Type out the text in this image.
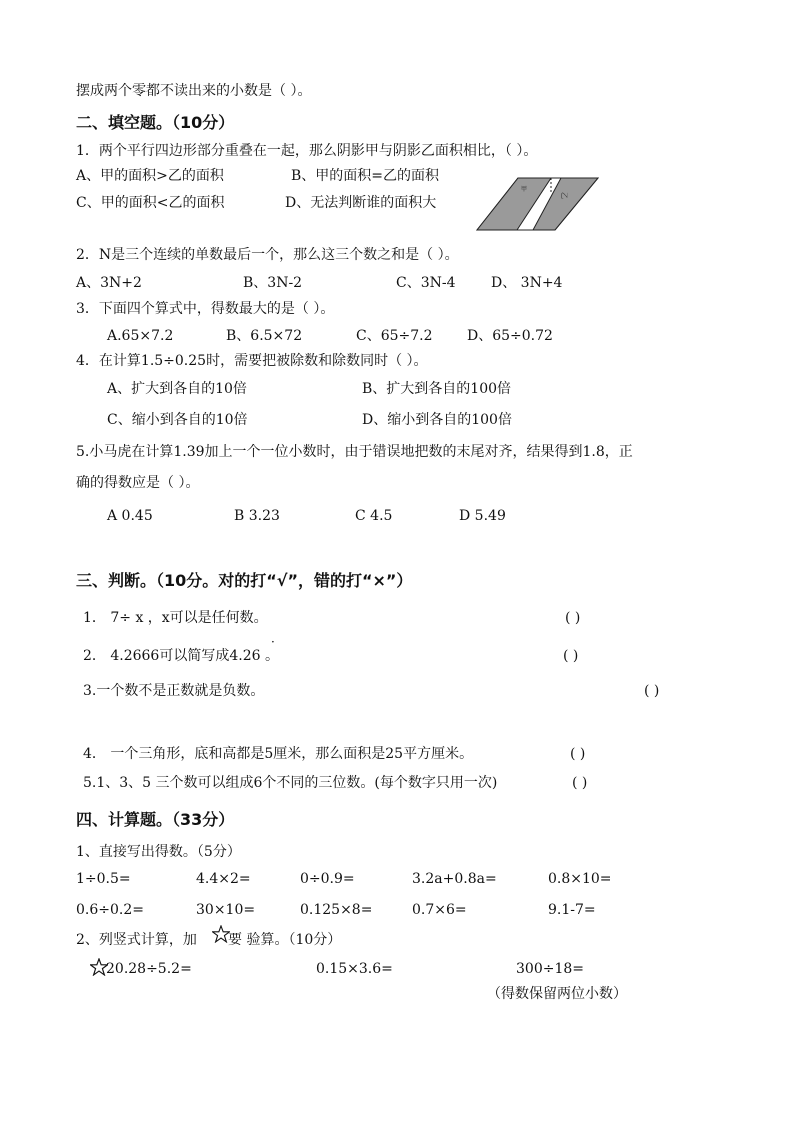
摆成两个零都不读出来的小数是（ ）。
二、填空题。（10分）
1．两个平行四边形部分重叠在一起，那么阴影甲与阴影乙面积相比，（ ）。
A、甲的面积>乙的面积	B、甲的面积=乙的面积
C、甲的面积<乙的面积	D、无法判断谁的面积大
甲
乙
2．N是三个连续的单数最后一个，那么这三个数之和是（ ）。
A、3N+2	B、3N-2	C、3N-4	D、 3N+4
3．下面四个算式中，得数最大的是（ ）。
A.65×7.2	B、6.5×72	C、65÷7.2 D、65÷0.72
4．在计算1.5÷0.25时，需要把被除数和除数同时（ ）。
A、扩大到各自的10倍	B、扩大到各自的100倍
C、缩小到各自的10倍	D、缩小到各自的100倍
5.小马虎在计算1.39加上一个一位小数时，由于错误地把数的末尾对齐，结果得到1.8，正
确的得数应是（ ）。
A 0.45	B 3.23	C 4.5	D 5.49
三、判断。（10分。对的打“√”，错的打“×”）
1． 7÷ x ，x可以是任何数。	( )
·
2． 4.2666可以简写成4.26 。	( )
3.一个数不是正数就是负数。	( )
4． 一个三角形，底和高都是5厘米，那么面积是25平方厘米。	( )
5.1、3、5 三个数可以组成6个不同的三位数。(每个数字只用一次)	( )
四、计算题。（33分）
1、直接写出得数。（5分）
1÷0.5=	4.4×2=	0÷0.9=	3.2a+0.8a=	0.8×10=
0.6÷0.2=	30×10=	0.125×8=	0.7×6=	9.1-7=
2、列竖式计算，加 要 验算。（10分）
20.28÷5.2=	0.15×3.6=	300÷18=
（得数保留两位小数）
